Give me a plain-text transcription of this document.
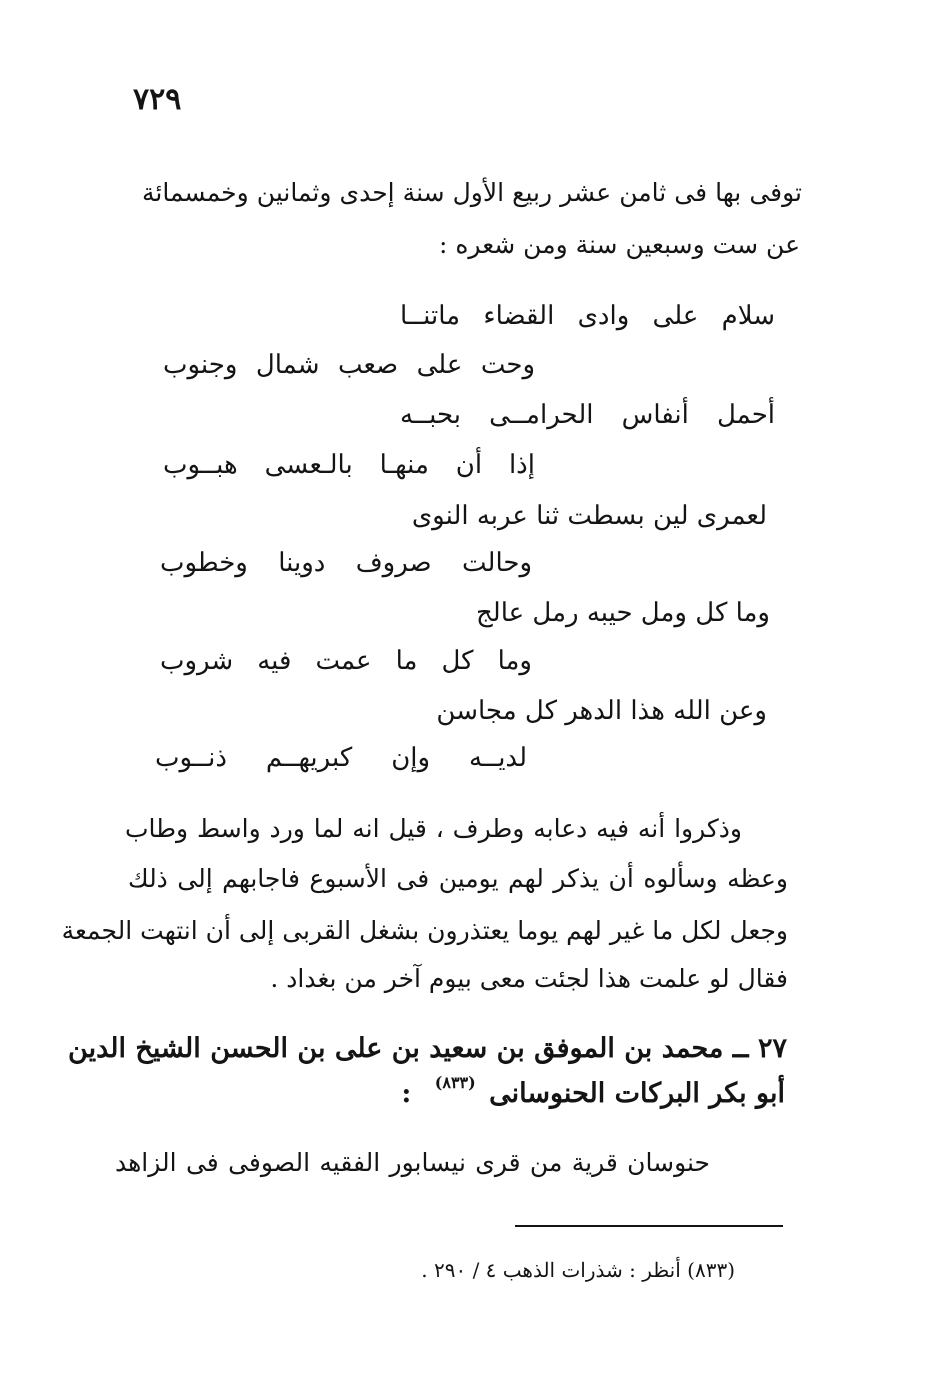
٧٢٩
توفى بها فى ثامن عشر ربيع الأول سنة إحدى وثمانين وخمسمائة
عن ست وسبعين سنة ومن شعره :
سلام على وادى القضاء ماتنــا
وحت على صعب شمال وجنوب
أحمل أنفاس الحرامــى بحبــه
إذا أن منهـا بالـعسى هبــوب
لعمرى لين بسطت ثنا عربه النوى
وحالت صروف دوينا وخطوب
وما كل ومل حيبه رمل عالج
وما كل ما عمت فيه شروب
وعن الله هذا الدهر كل مجاسن
لديــه وإن كبريهــم ذنــوب
وذكروا أنه فيه دعابه وطرف ، قيل انه لما ورد واسط وطاب
وعظه وسألوه أن يذكر لهم يومين فى الأسبوع فاجابهم إلى ذلك
وجعل لكل ما غير لهم يوما يعتذرون بشغل القربى إلى أن انتهت الجمعة
فقال لو علمت هذا لجئت معى بيوم آخر من بغداد .
٢٧ ــ محمد بن الموفق بن سعيد بن على بن الحسن الشيخ الدين
أبو بكر البركات الحنوسانى $^{(٨٣٣)}$ :
حنوسان قرية من قرى نيسابور الفقيه الصوفى فى الزاهد
(٨٣٣) أنظر : شذرات الذهب ٤ / ٢٩٠ .
